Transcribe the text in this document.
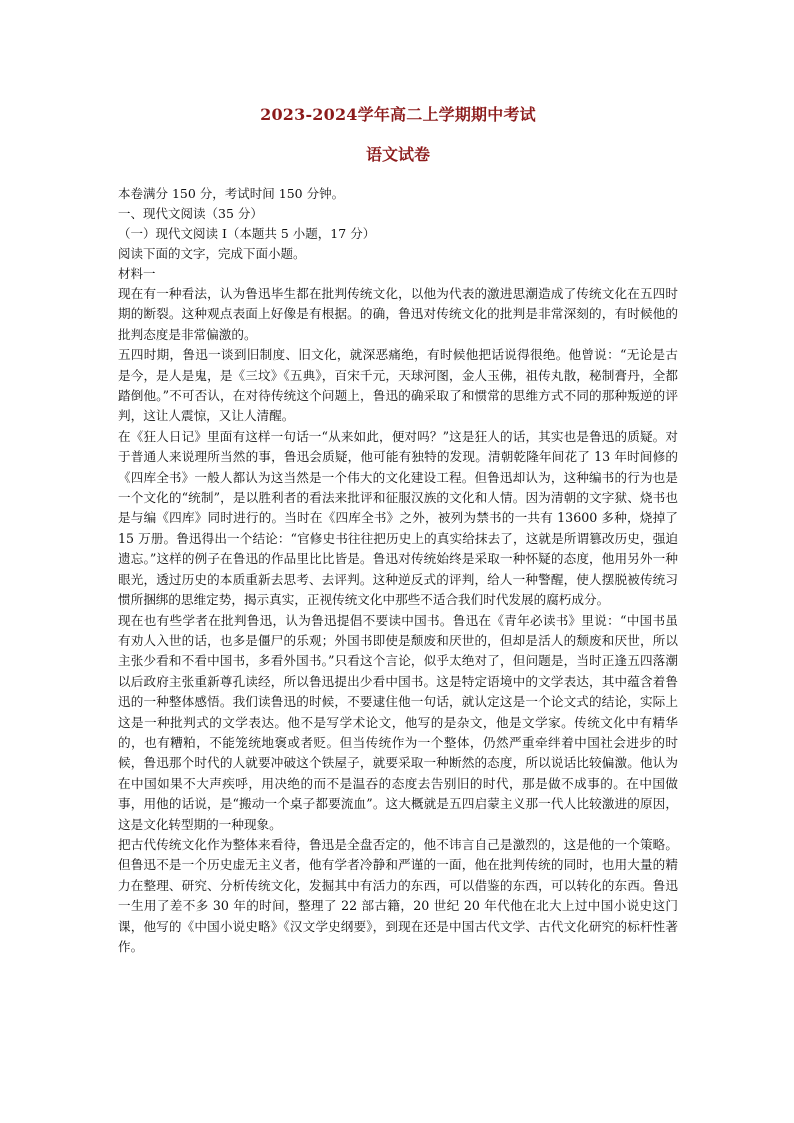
2023-2024学年高二上学期期中考试
语文试卷
本卷满分 150 分，考试时间 150 分钟。
一、现代文阅读（35 分）
（一）现代文阅读 I（本题共 5 小题，17 分）
阅读下面的文字，完成下面小题。
材料一

现在有一种看法，认为鲁迅毕生都在批判传统文化，以他为代表的激进思潮造成了传统文化在五四时期的断裂。这种观点表面上好像是有根据。的确，鲁迅对传统文化的批判是非常深刻的，有时候他的批判态度是非常偏激的。

五四时期，鲁迅一谈到旧制度、旧文化，就深恶痛绝，有时候他把话说得很绝。他曾说：“无论是古是今，是人是鬼，是《三坟》《五典》，百宋千元，天球河图，金人玉佛，祖传丸散，秘制膏丹，全都踏倒他。”不可否认，在对待传统这个问题上，鲁迅的确采取了和惯常的思维方式不同的那种叛逆的评判，这让人震惊，又让人清醒。

在《狂人日记》里面有这样一句话一“从来如此，便对吗？”这是狂人的话，其实也是鲁迅的质疑。对于普通人来说理所当然的事，鲁迅会质疑，他可能有独特的发现。清朝乾隆年间花了 13 年时间修的《四库全书》一般人都认为这当然是一个伟大的文化建设工程。但鲁迅却认为，这种编书的行为也是一个文化的“统制”，是以胜利者的看法来批评和征服汉族的文化和人情。因为清朝的文字狱、烧书也是与编《四库》同时进行的。当时在《四库全书》之外，被列为禁书的一共有 13600 多种，烧掉了 15 万册。鲁迅得出一个结论：“官修史书往往把历史上的真实给抹去了，这就是所谓篡改历史，强迫遗忘。”这样的例子在鲁迅的作品里比比皆是。鲁迅对传统始终是采取一种怀疑的态度，他用另外一种眼光，透过历史的本质重新去思考、去评判。这种逆反式的评判，给人一种警醒，使人摆脱被传统习惯所捆绑的思维定势，揭示真实，正视传统文化中那些不适合我们时代发展的腐朽成分。

现在也有些学者在批判鲁迅，认为鲁迅提倡不要读中国书。鲁迅在《青年必读书》里说：“中国书虽有劝人入世的话，也多是僵尸的乐观；外国书即使是颓废和厌世的，但却是活人的颓废和厌世，所以主张少看和不看中国书，多看外国书。”只看这个言论，似乎太绝对了，但问题是，当时正逢五四落潮以后政府主张重新尊孔读经，所以鲁迅提出少看中国书。这是特定语境中的文学表达，其中蕴含着鲁迅的一种整体感悟。我们读鲁迅的时候，不要逮住他一句话，就认定这是一个论文式的结论，实际上这是一种批判式的文学表达。他不是写学术论文，他写的是杂文，他是文学家。传统文化中有精华的，也有糟粕，不能笼统地褒或者贬。但当传统作为一个整体，仍然严重牵绊着中国社会进步的时候，鲁迅那个时代的人就要冲破这个铁屋子，就要采取一种断然的态度，所以说话比较偏激。他认为在中国如果不大声疾呼，用决绝的而不是温吞的态度去告别旧的时代，那是做不成事的。在中国做事，用他的话说，是“搬动一个桌子都要流血”。这大概就是五四启蒙主义那一代人比较激进的原因，这是文化转型期的一种现象。

把古代传统文化作为整体来看待，鲁迅是全盘否定的，他不讳言自己是激烈的，这是他的一个策略。但鲁迅不是一个历史虚无主义者，他有学者冷静和严谨的一面，他在批判传统的同时，也用大量的精力在整理、研究、分析传统文化，发掘其中有活力的东西，可以借鉴的东西，可以转化的东西。鲁迅一生用了差不多 30 年的时间，整理了 22 部古籍，20 世纪 20 年代他在北大上过中国小说史这门课，他写的《中国小说史略》《汉文学史纲要》，到现在还是中国古代文学、古代文化研究的标杆性著作。
